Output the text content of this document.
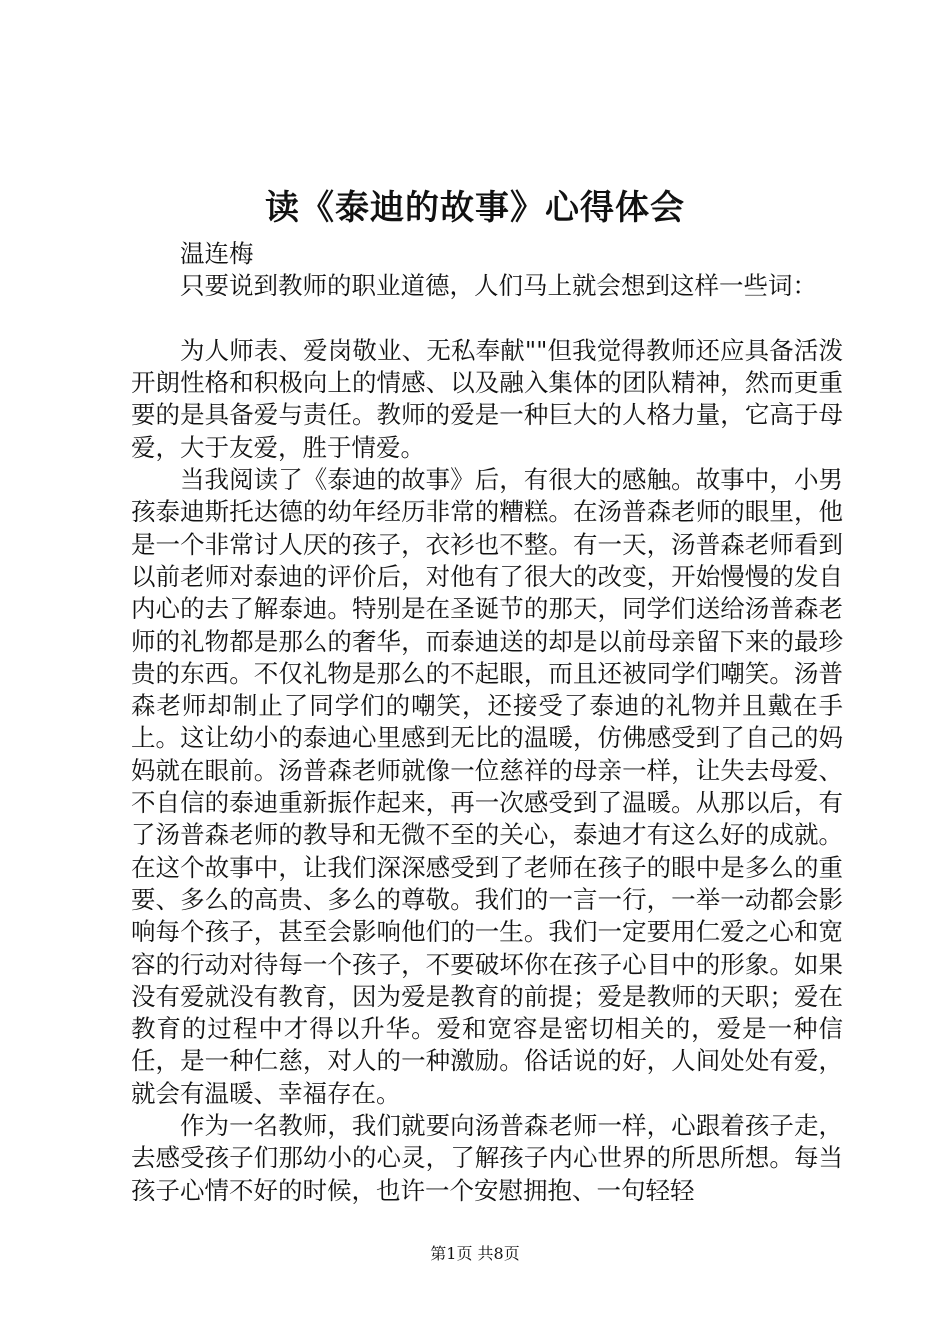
读《泰迪的故事》心得体会

温连梅

只要说到教师的职业道德，人们马上就会想到这样一些词：

为人师表、爱岗敬业、无私奉献""但我觉得教师还应具备活泼开朗性格和积极向上的情感、以及融入集体的团队精神，然而更重要的是具备爱与责任。教师的爱是一种巨大的人格力量，它高于母爱，大于友爱，胜于情爱。

当我阅读了《泰迪的故事》后，有很大的感触。故事中，小男孩泰迪斯托达德的幼年经历非常的糟糕。在汤普森老师的眼里，他是一个非常讨人厌的孩子，衣衫也不整。有一天，汤普森老师看到以前老师对泰迪的评价后，对他有了很大的改变，开始慢慢的发自内心的去了解泰迪。特别是在圣诞节的那天，同学们送给汤普森老师的礼物都是那么的奢华，而泰迪送的却是以前母亲留下来的最珍贵的东西。不仅礼物是那么的不起眼，而且还被同学们嘲笑。汤普森老师却制止了同学们的嘲笑，还接受了泰迪的礼物并且戴在手上。这让幼小的泰迪心里感到无比的温暖，仿佛感受到了自己的妈妈就在眼前。汤普森老师就像一位慈祥的母亲一样，让失去母爱、不自信的泰迪重新振作起来，再一次感受到了温暖。从那以后，有了汤普森老师的教导和无微不至的关心，泰迪才有这么好的成就。在这个故事中，让我们深深感受到了老师在孩子的眼中是多么的重要、多么的高贵、多么的尊敬。我们的一言一行，一举一动都会影响每个孩子，甚至会影响他们的一生。我们一定要用仁爱之心和宽容的行动对待每一个孩子，不要破坏你在孩子心目中的形象。如果没有爱就没有教育，因为爱是教育的前提；爱是教师的天职；爱在教育的过程中才得以升华。爱和宽容是密切相关的，爱是一种信任，是一种仁慈，对人的一种激励。俗话说的好，人间处处有爱，就会有温暖、幸福存在。

作为一名教师，我们就要向汤普森老师一样，心跟着孩子走，去感受孩子们那幼小的心灵，了解孩子内心世界的所思所想。每当孩子心情不好的时候，也许一个安慰拥抱、一句轻轻

第1页 共8页
